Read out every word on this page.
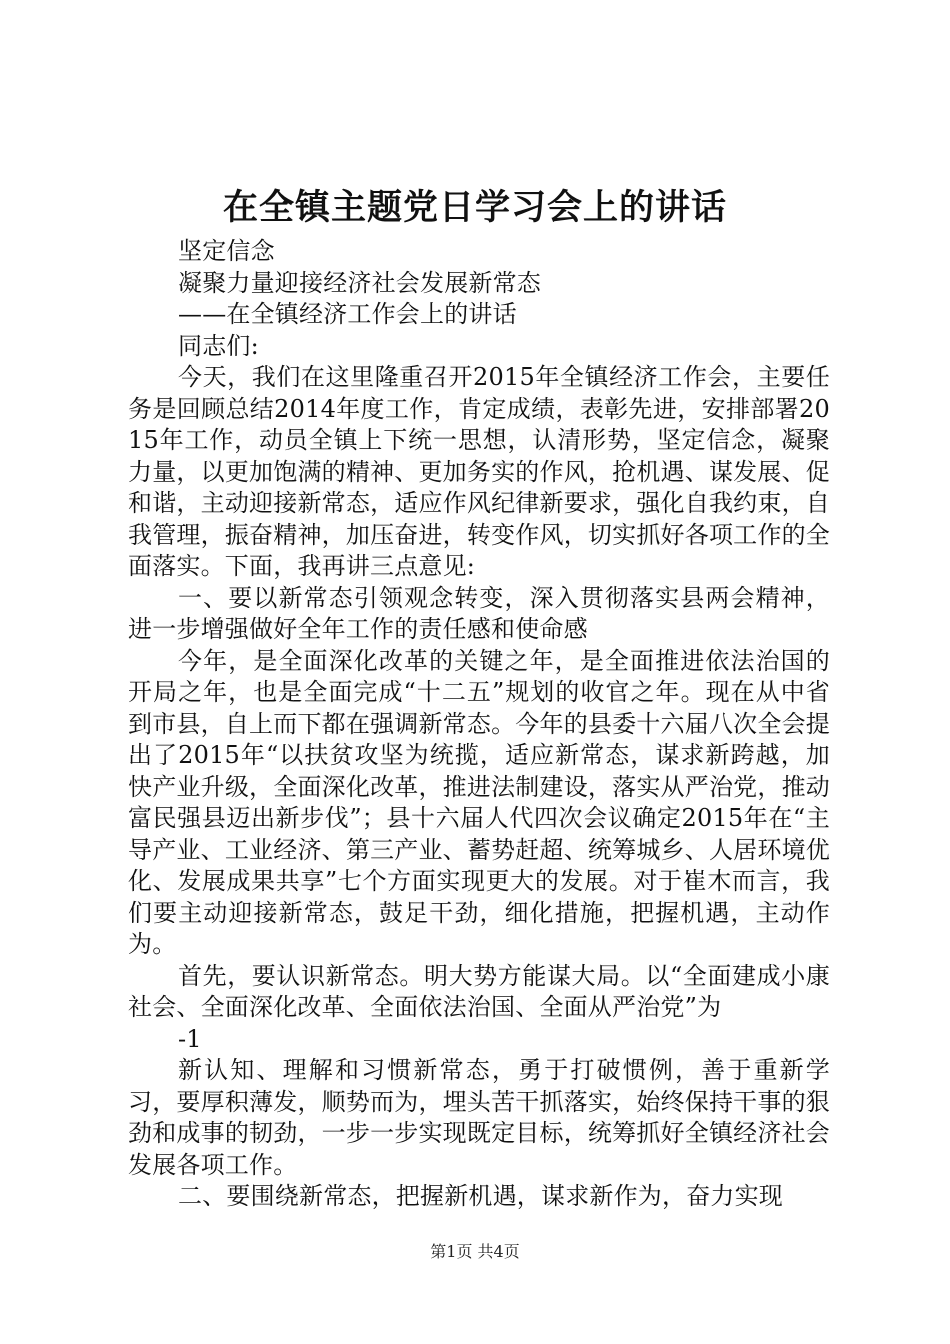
在全镇主题党日学习会上的讲话

坚定信念

凝聚力量迎接经济社会发展新常态

——在全镇经济工作会上的讲话

同志们:

今天，我们在这里隆重召开2015年全镇经济工作会，主要任务是回顾总结2014年度工作，肯定成绩，表彰先进，安排部署2015年工作，动员全镇上下统一思想，认清形势，坚定信念，凝聚力量，以更加饱满的精神、更加务实的作风，抢机遇、谋发展、促和谐，主动迎接新常态，适应作风纪律新要求，强化自我约束，自我管理，振奋精神，加压奋进，转变作风，切实抓好各项工作的全面落实。下面，我再讲三点意见:

一、要以新常态引领观念转变，深入贯彻落实县两会精神，进一步增强做好全年工作的责任感和使命感

今年，是全面深化改革的关键之年，是全面推进依法治国的开局之年，也是全面完成“十二五”规划的收官之年。现在从中省到市县，自上而下都在强调新常态。今年的县委十六届八次全会提出了2015年“以扶贫攻坚为统揽，适应新常态，谋求新跨越，加快产业升级，全面深化改革，推进法制建设，落实从严治党，推动富民强县迈出新步伐”；县十六届人代四次会议确定2015年在“主导产业、工业经济、第三产业、蓄势赶超、统筹城乡、人居环境优化、发展成果共享”七个方面实现更大的发展。对于崔木而言，我们要主动迎接新常态，鼓足干劲，细化措施，把握机遇，主动作为。

首先，要认识新常态。明大势方能谋大局。以“全面建成小康社会、全面深化改革、全面依法治国、全面从严治党”为

-1

新认知、理解和习惯新常态，勇于打破惯例，善于重新学习，要厚积薄发，顺势而为，埋头苦干抓落实，始终保持干事的狠劲和成事的韧劲，一步一步实现既定目标，统筹抓好全镇经济社会发展各项工作。

二、要围绕新常态，把握新机遇，谋求新作为，奋力实现

第1页 共4页
